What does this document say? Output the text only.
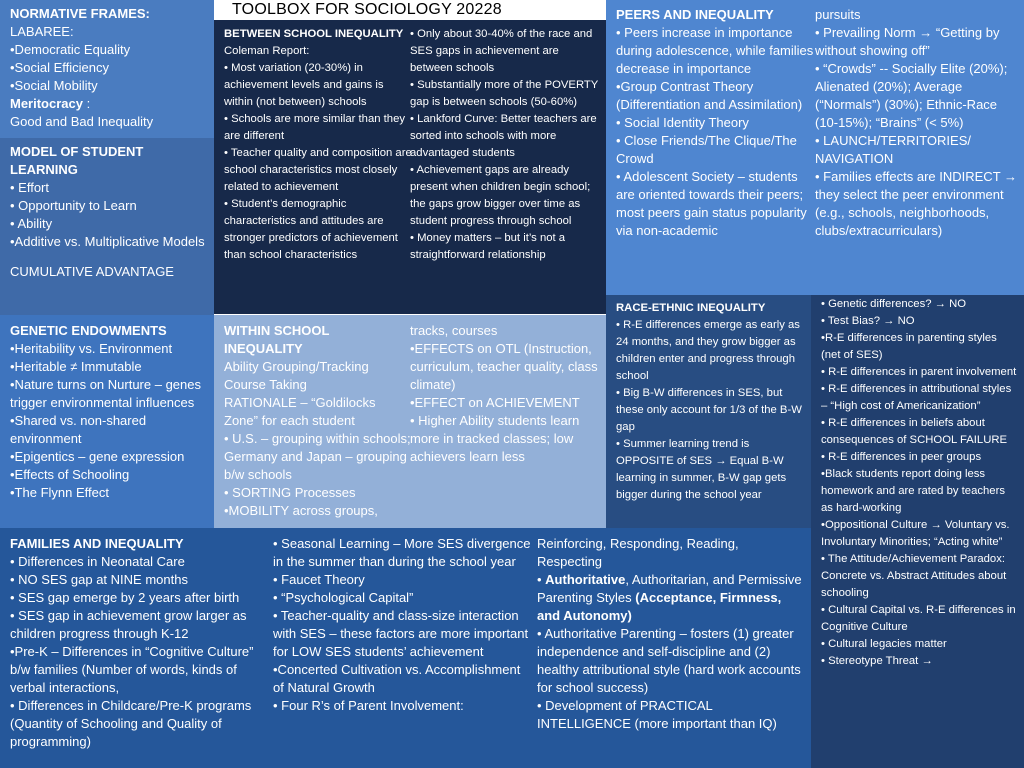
TOOLBOX FOR SOCIOLOGY 20228

NORMATIVE FRAMES:

LABAREE:

•Democratic Equality

•Social Efficiency

•Social Mobility

Meritocracy :

Good and Bad Inequality

MODEL OF STUDENT

LEARNING

• Effort

• Opportunity to Learn

• Ability

•Additive vs. Multiplicative Models

CUMULATIVE ADVANTAGE

BETWEEN SCHOOL INEQUALITY

Coleman Report:

• Most variation (20-30%) in achievement levels and gains is within (not between) schools

• Schools are more similar than they are different

• Teacher quality and composition are school characteristics most closely related to achievement

• Student’s demographic characteristics and attitudes are stronger predictors of achievement than school characteristics

• Only about 30-40% of the race and SES gaps in achievement are between schools

• Substantially more of the POVERTY gap is between schools (50-60%)

• Lankford Curve: Better teachers are sorted into schools with more advantaged students

• Achievement gaps are already present when children begin school; the gaps grow bigger over time as student progress through school

• Money matters – but it’s not a straightforward relationship

PEERS AND INEQUALITY

• Peers increase in importance during adolescence, while families decrease in importance

•Group Contrast Theory (Differentiation and Assimilation)

• Social Identity Theory

• Close Friends/The Clique/The Crowd

• Adolescent Society – students are oriented towards their peers; most peers gain status popularity via non-academic

pursuits

• Prevailing Norm → “Getting by without showing off”

• “Crowds” -- Socially Elite (20%); Alienated (20%); Average (“Normals”) (30%); Ethnic-Race (10-15%); “Brains” (< 5%)

• LAUNCH/TERRITORIES/ NAVIGATION

• Families effects are INDIRECT → they select the peer environment (e.g., schools, neighborhoods, clubs/extracurriculars)

RACE-ETHNIC INEQUALITY

• R-E differences emerge as early as 24 months, and they grow bigger as children enter and progress through school

• Big B-W differences in SES, but these only account for 1/3 of the B-W gap

• Summer learning trend is OPPOSITE of SES → Equal B-W learning in summer, B-W gap gets bigger during the school year

• Genetic differences? → NO

• Test Bias? → NO

•R-E differences in parenting styles (net of SES)

• R-E differences in parent involvement

• R-E differences in attributional styles – “High cost of Americanization”

• R-E differences in beliefs about consequences of SCHOOL FAILURE

• R-E differences in peer groups

•Black students report doing less homework and are rated by teachers as hard-working

•Oppositional Culture → Voluntary vs. Involuntary Minorities; “Acting white”

• The Attitude/Achievement Paradox: Concrete vs. Abstract Attitudes about schooling

• Cultural Capital vs. R-E differences in Cognitive Culture

• Cultural legacies matter

• Stereotype Threat →

GENETIC ENDOWMENTS

•Heritability vs. Environment

•Heritable ≠ Immutable

•Nature turns on Nurture – genes trigger environmental influences

•Shared vs. non-shared environment

•Epigentics – gene expression

•Effects of Schooling

•The Flynn Effect

WITHIN SCHOOL

INEQUALITY

Ability Grouping/Tracking

Course Taking

RATIONALE – “Goldilocks Zone” for each student

• U.S. – grouping within schools; Germany and Japan – grouping b/w schools

• SORTING Processes

•MOBILITY across groups,

tracks, courses

•EFFECTS on OTL (Instruction, curriculum, teacher quality, class climate)

•EFFECT on ACHIEVEMENT

• Higher Ability students learn more in tracked classes; low achievers learn less

FAMILIES AND INEQUALITY

• Differences in Neonatal Care

• NO SES gap at NINE months

• SES gap emerge by 2 years after birth

• SES gap in achievement grow larger as children progress through K-12

•Pre-K – Differences in “Cognitive Culture” b/w families (Number of words, kinds of verbal interactions,

• Differences in Childcare/Pre-K programs (Quantity of Schooling and Quality of programming)

• Seasonal Learning – More SES divergence in the summer than during the school year

• Faucet Theory

• “Psychological Capital”

• Teacher-quality and class-size interaction with SES – these factors are more important for LOW SES students’ achievement

•Concerted Cultivation vs. Accomplishment of Natural Growth

• Four R’s of Parent Involvement:

Reinforcing, Responding, Reading, Respecting

• Authoritative, Authoritarian, and Permissive Parenting Styles (Acceptance, Firmness, and Autonomy)

• Authoritative Parenting – fosters (1) greater independence and self-discipline and (2) healthy attributional style (hard work accounts for school success)

• Development of PRACTICAL INTELLIGENCE (more important than IQ)
